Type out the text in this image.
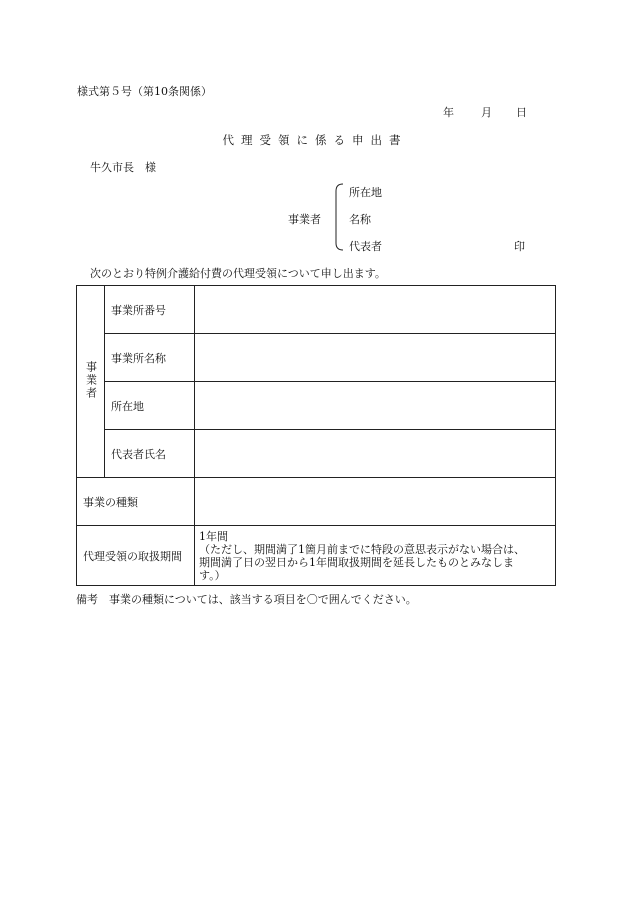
様式第５号（第10条関係）
年 月 日
代理受領に係る申出書
牛久市長　様
事業者
所在地
名称
代表者	印
次のとおり特例介護給付費の代理受領について申し出ます。
事業者	事業所番号	
	事業所名称	
	所在地	
	代表者氏名	
事業の種類		
代理受領の取扱期間		1年間
（ただし、期間満了1箇月前までに特段の意思表示がない場合は、
期間満了日の翌日から1年間取扱期間を延長したものとみなしま
す。）
備考　事業の種類については、該当する項目を〇で囲んでください。
